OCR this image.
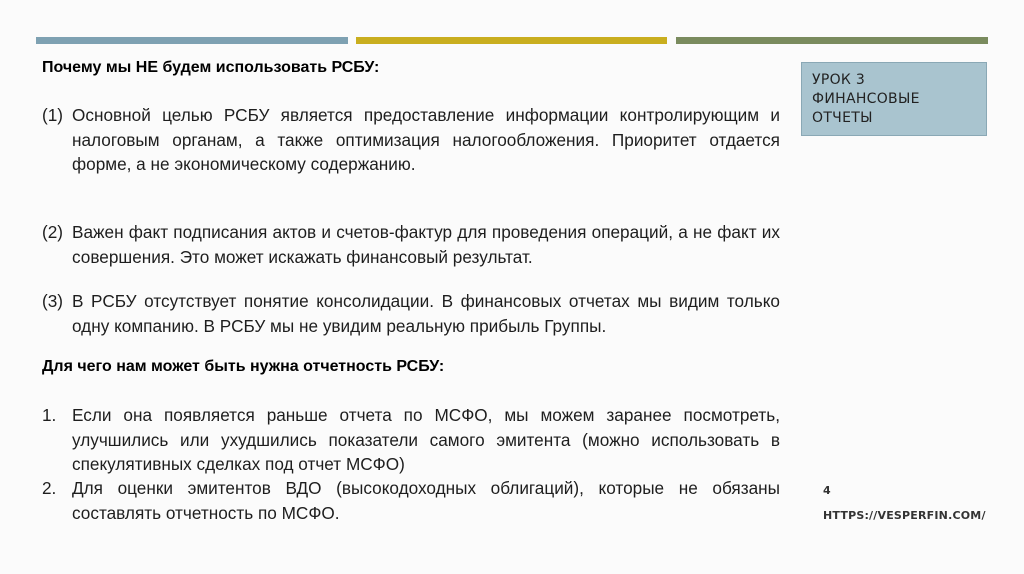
УРОК 3
ФИНАНСОВЫЕ
ОТЧЕТЫ

Почему мы НЕ будем использовать РСБУ:

(1) Основной целью РСБУ является предоставление информации контролирующим и налоговым органам, а также оптимизация налогообложения. Приоритет отдается форме, а не экономическому содержанию.
(2) Важен факт подписания актов и счетов-фактур для проведения операций, а не факт их совершения. Это может искажать финансовый результат.
(3) В РСБУ отсутствует понятие консолидации. В финансовых отчетах мы видим только одну компанию. В РСБУ мы не увидим реальную прибыль Группы.

Для чего нам может быть нужна отчетность РСБУ:

1. Если она появляется раньше отчета по МСФО, мы можем заранее посмотреть, улучшились или ухудшились показатели самого эмитента (можно использовать в спекулятивных сделках под отчет МСФО)
2. Для оценки эмитентов ВДО (высокодоходных облигаций), которые не обязаны составлять отчетность по МСФО.
4
HTTPS://VESPERFIN.COM/
